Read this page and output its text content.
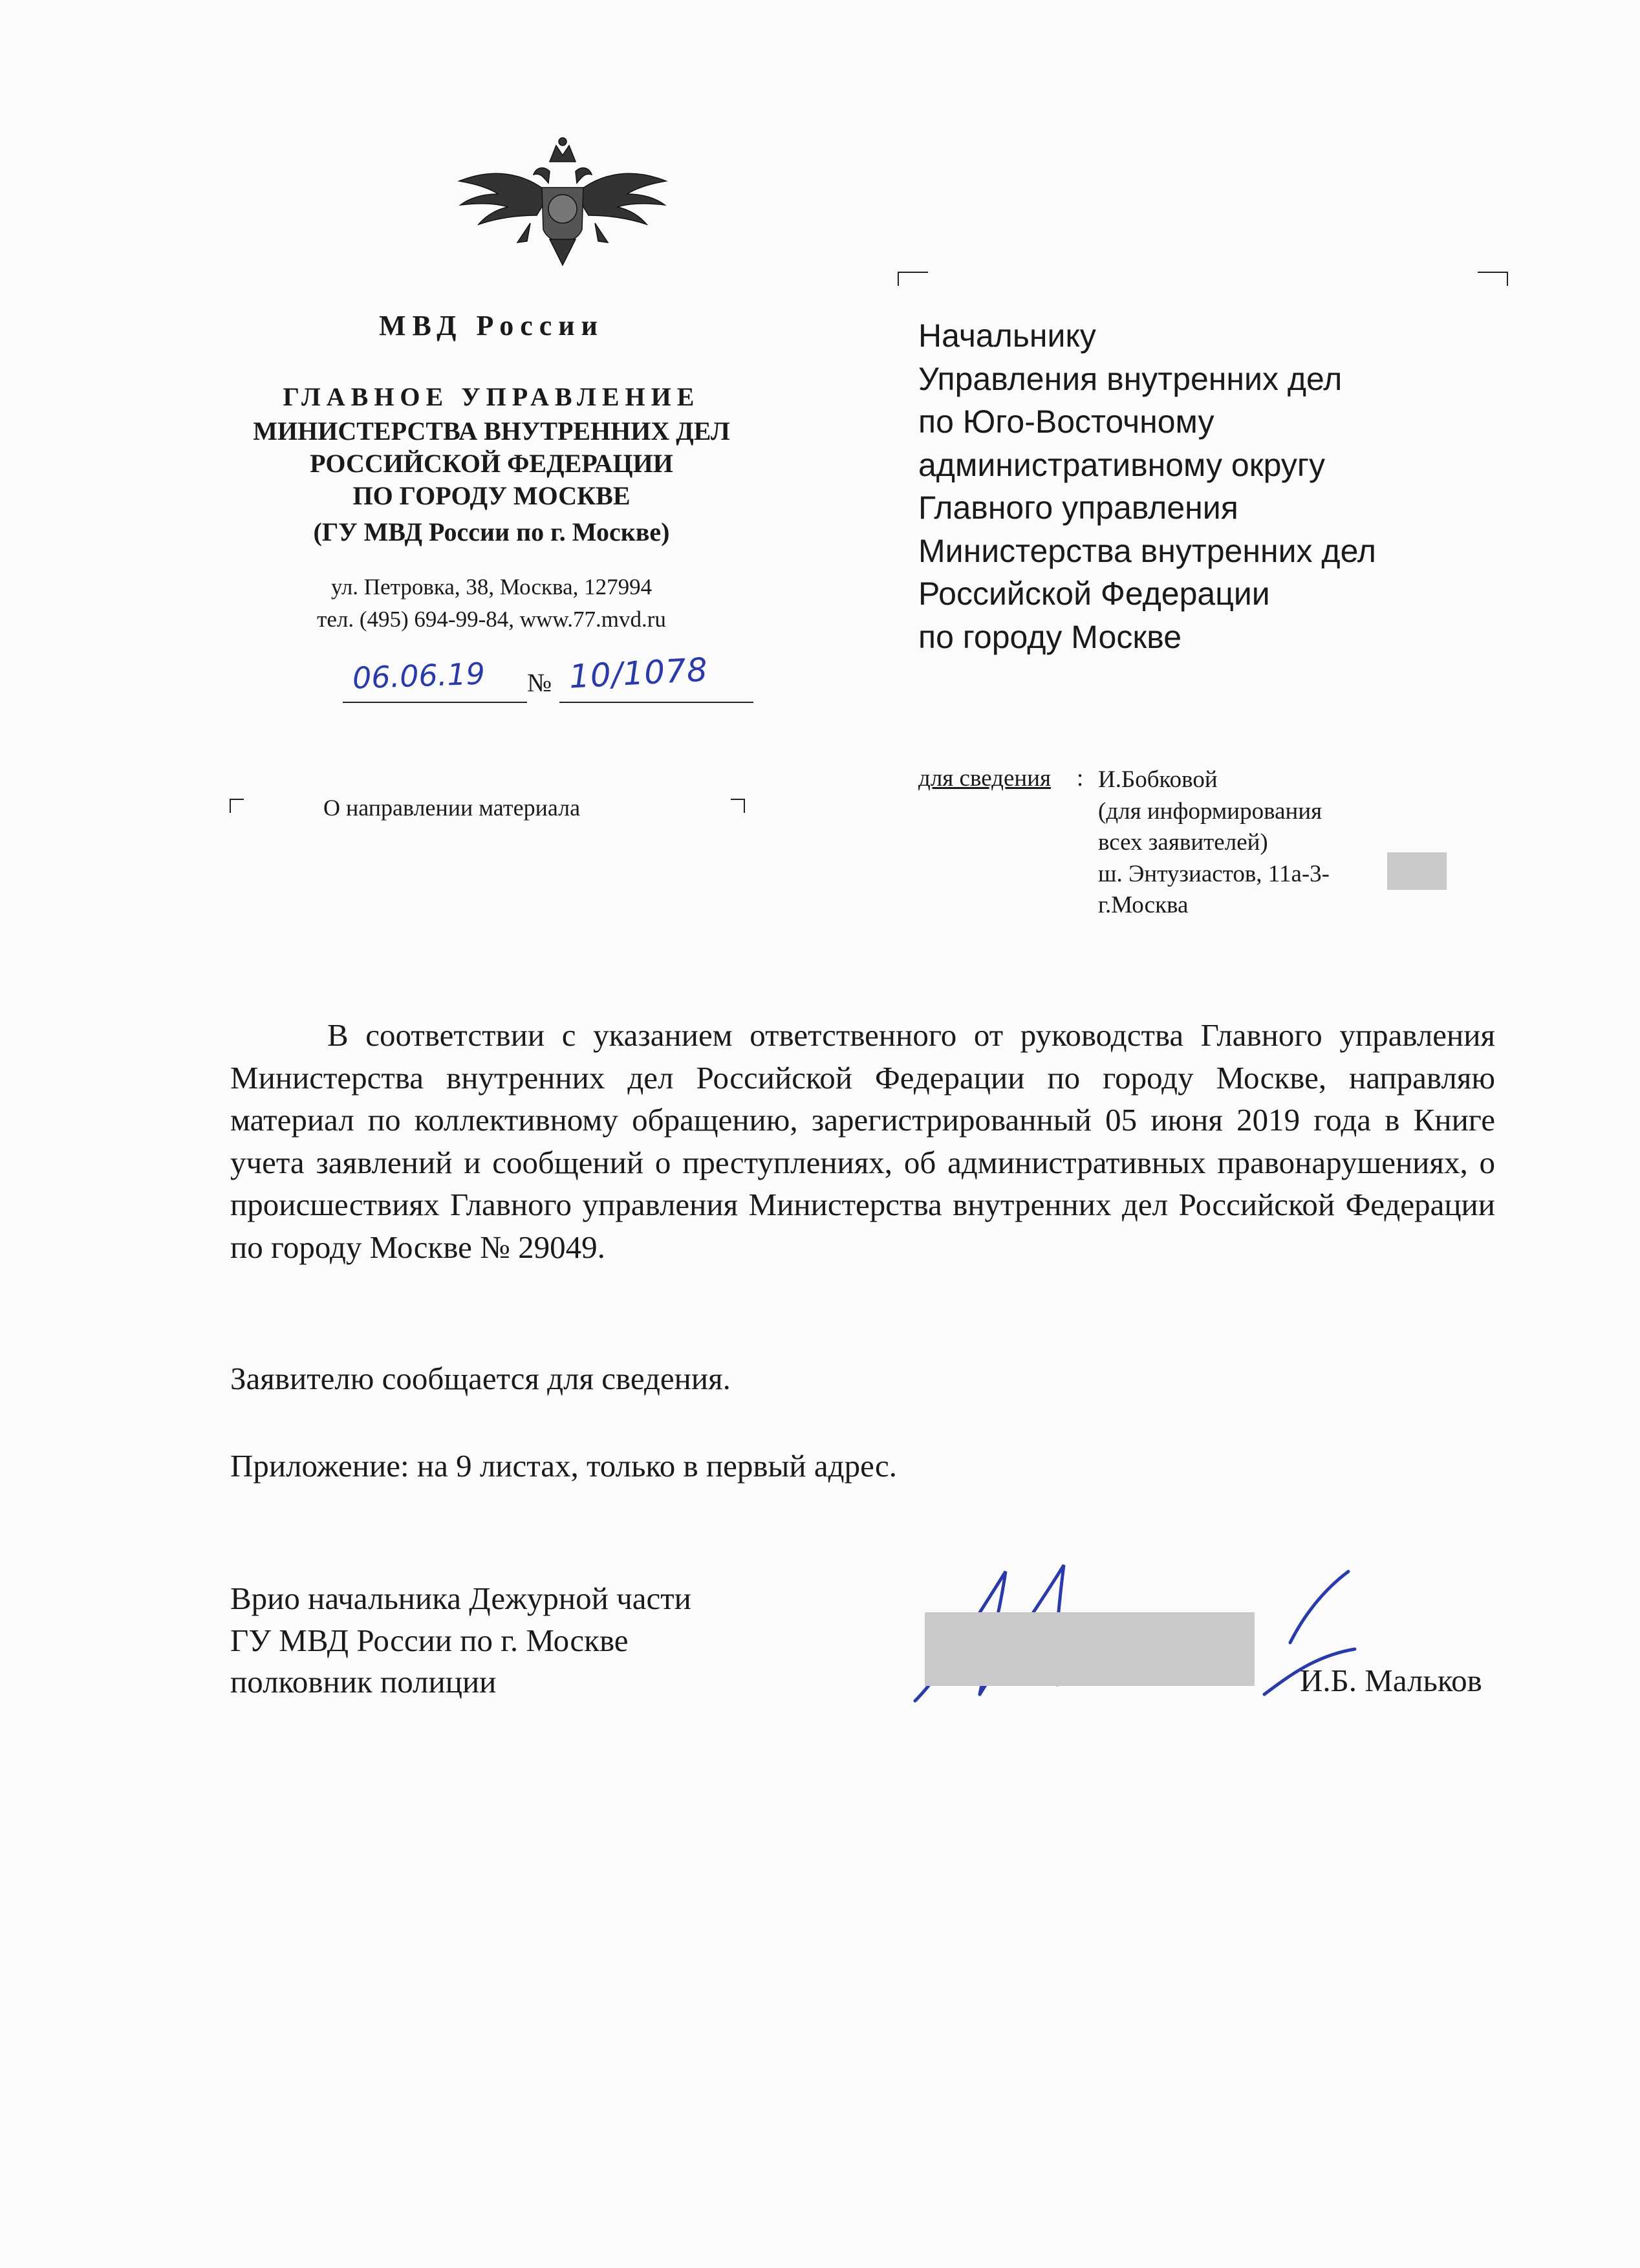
МВД России
ГЛАВНОЕ УПРАВЛЕНИЕ
МИНИСТЕРСТВА ВНУТРЕННИХ ДЕЛ
РОССИЙСКОЙ ФЕДЕРАЦИИ
ПО ГОРОДУ МОСКВЕ
(ГУ МВД России по г. Москве)
ул. Петровка, 38, Москва, 127994
тел. (495) 694-99-84, www.77.mvd.ru
06.06.19 № 10/1078
О направлении материала
Начальнику
Управления внутренних дел
по Юго-Восточному
административному округу
Главного управления
Министерства внутренних дел
Российской Федерации
по городу Москве
для сведения : И.Бобковой
(для информирования
всех заявителей)
ш. Энтузиастов, 11а-3-
г.Москва

В соответствии с указанием ответственного от руководства Главного управления Министерства внутренних дел Российской Федерации по городу Москве, направляю материал по коллективному обращению, зарегистрированный 05 июня 2019 года в Книге учета заявлений и сообщений о преступлениях, об административных правонарушениях, о происшествиях Главного управления Министерства внутренних дел Российской Федерации по городу Москве № 29049.

Заявителю сообщается для сведения.
Приложение: на 9 листах, только в первый адрес.
Врио начальника Дежурной части
ГУ МВД России по г. Москве
полковник полиции	И.Б. Мальков
